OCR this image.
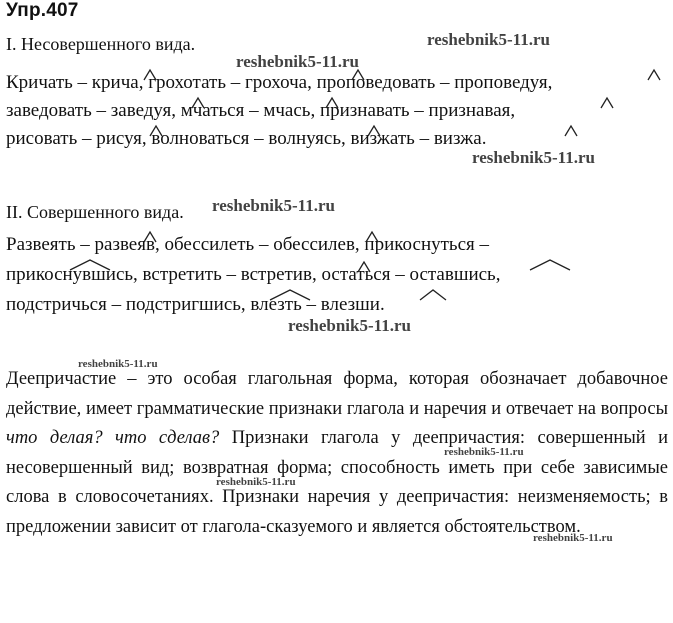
Упр.407
I. Несовершенного вида.
Кричать – крича, грохотать – грохоча, проповедовать – проповедуя,
заведовать – заведуя, мчаться – мчась, признавать – признавая,
рисовать – рисуя, волноваться – волнуясь, визжать – визжа.
II. Совершенного вида.
Развеять – развеяв, обессилеть – обессилев, прикоснуться –
прикоснувшись, встретить – встретив, остаться – оставшись,
подстричься – подстригшись, влезть – влезши.
Деепричастие – это особая глагольная форма, которая обозначает добавочное действие, имеет грамматические признаки глагола и наречия и отвечает на вопросы что делая? что сделав? Признаки глагола у деепричастия: совершенный и несовершенный вид; возвратная форма; способность иметь при себе зависимые слова в словосочетаниях. Признаки наречия у деепричастия: неизменяемость; в предложении зависит от глагола-сказуемого и является обстоятельством.
reshebnik5-11.ru
reshebnik5-11.ru
reshebnik5-11.ru
reshebnik5-11.ru
reshebnik5-11.ru
reshebnik5-11.ru
reshebnik5-11.ru
reshebnik5-11.ru
reshebnik5-11.ru
